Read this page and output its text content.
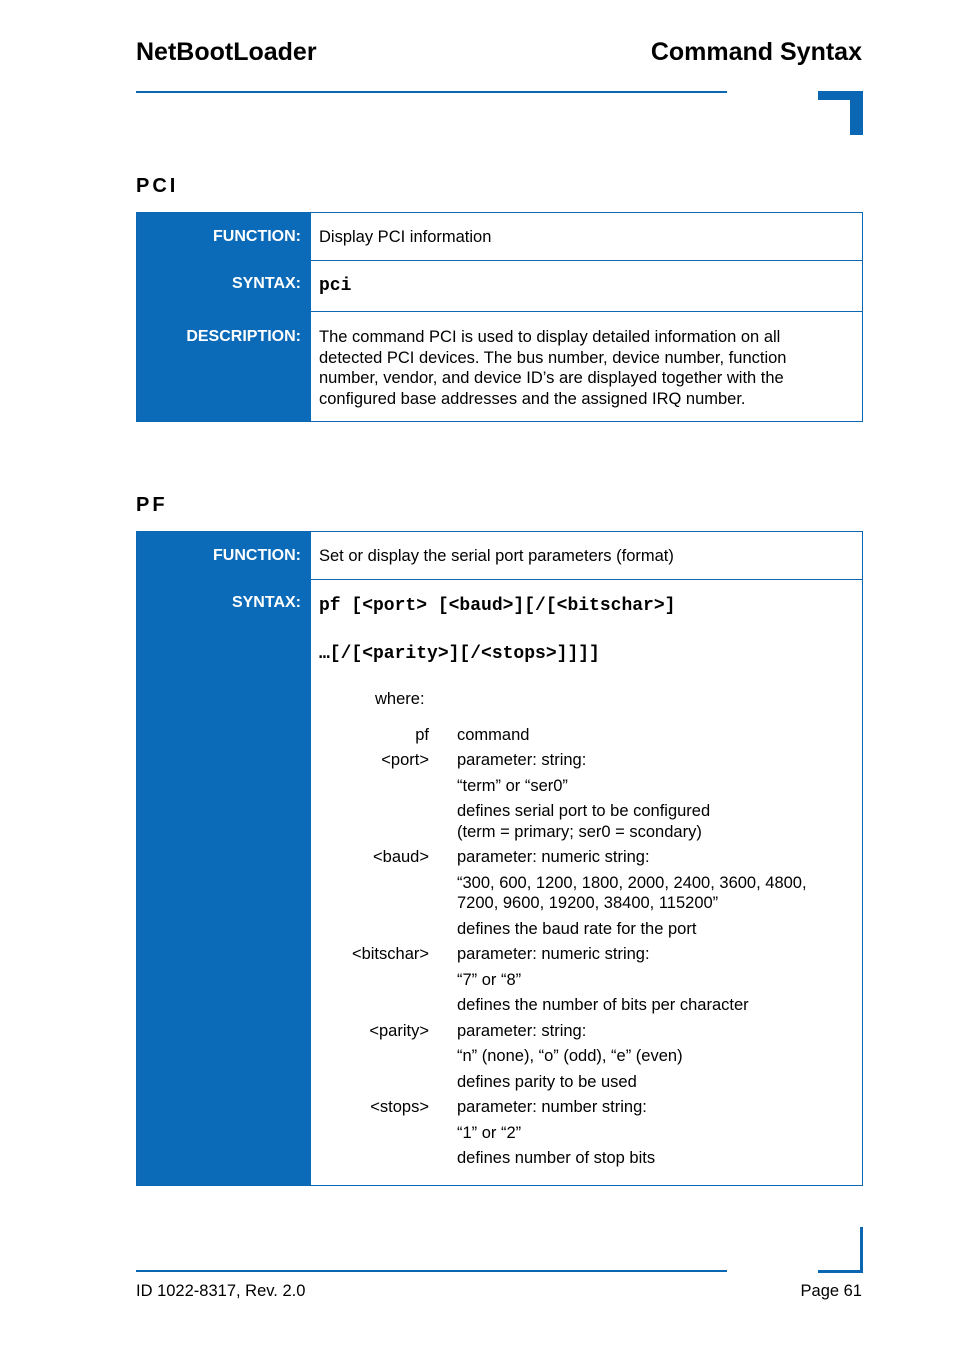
NetBootLoader	Command Syntax
PCI
FUNCTION:	Display PCI information
SYNTAX:	pci
DESCRIPTION:	The command PCI is used to display detailed information on all
detected PCI devices. The bus number, device number, function
number, vendor, and device ID’s are displayed together with the
configured base addresses and the assigned IRQ number.
PF
FUNCTION:	Set or display the serial port parameters (format)
SYNTAX:	pf [<port> [<baud>][/[<bitschar>]
…[/[<parity>][/<stops>]]]]
where:
pf command
<port> parameter: string:
“term” or “ser0”
defines serial port to be configured
(term = primary; ser0 = scondary)
<baud> parameter: numeric string:
“300, 600, 1200, 1800, 2000, 2400, 3600, 4800,
7200, 9600, 19200, 38400, 115200”
defines the baud rate for the port
<bitschar> parameter: numeric string:
“7” or “8”
defines the number of bits per character
<parity> parameter: string:
“n” (none), “o” (odd), “e” (even)
defines parity to be used
<stops> parameter: number string:
“1” or “2”
defines number of stop bits
ID 1022-8317, Rev. 2.0	Page 61
